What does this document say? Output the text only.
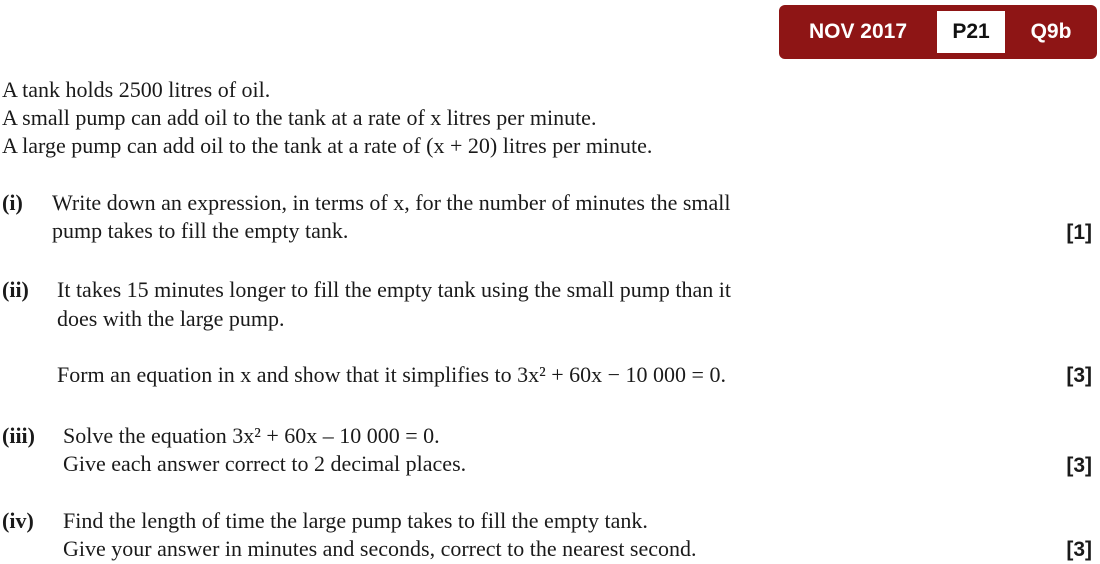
NOV 2017	P21	Q9b
A tank holds 2500 litres of oil.
A small pump can add oil to the tank at a rate of x litres per minute.
A large pump can add oil to the tank at a rate of (x + 20) litres per minute.
(i) Write down an expression, in terms of x, for the number of minutes the small
pump takes to fill the empty tank.	[1]
(ii) It takes 15 minutes longer to fill the empty tank using the small pump than it
does with the large pump.
Form an equation in x and show that it simplifies to 3x² + 60x − 10 000 = 0.	[3]
(iii) Solve the equation 3x² + 60x – 10 000 = 0.
Give each answer correct to 2 decimal places.	[3]
(iv) Find the length of time the large pump takes to fill the empty tank.
Give your answer in minutes and seconds, correct to the nearest second.	[3]
